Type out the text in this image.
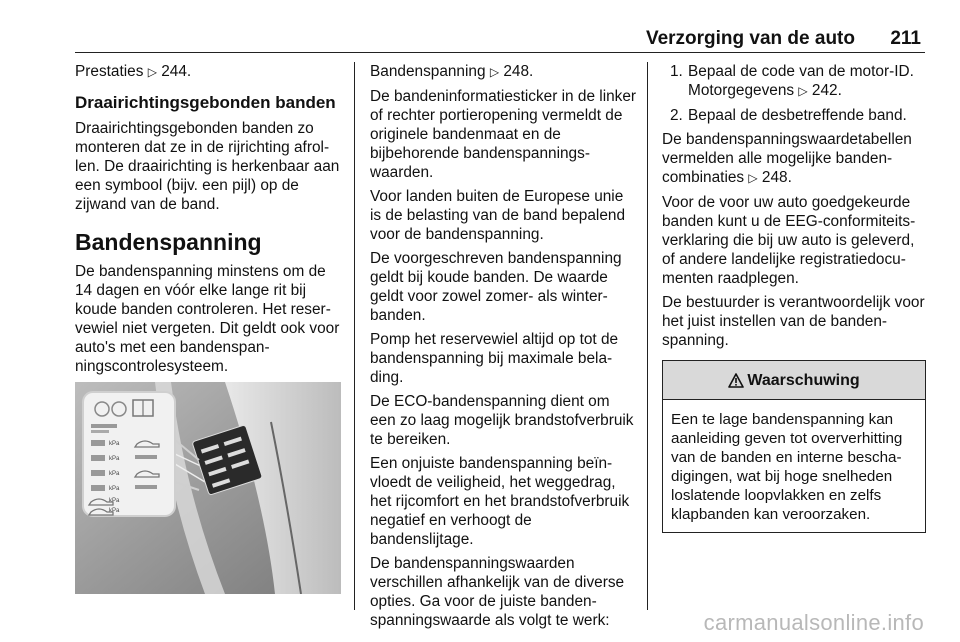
Verzorging van de auto 211

Prestaties ▷ 244.

Draairichtingsgebonden banden

Draairichtingsgebonden banden zo monteren dat ze in de rijrichting afrollen. De draairichting is herkenbaar aan een symbool (bijv. een pijl) op de zijwand van de band.

Bandenspanning

De bandenspanning minstens om de 14 dagen en vóór elke lange rit bij koude banden controleren. Het reservewiel niet vergeten. Dit geldt ook voor auto's met een bandenspanningscontrolesysteem.

kPa
kPa
kPa
kPa
kPa
kPa

Bandenspanning ▷ 248.

De bandeninformatiesticker in de linker of rechter portieropening vermeldt de originele bandenmaat en de bijbehorende bandenspanningswaarden.

Voor landen buiten de Europese unie is de belasting van de band bepalend voor de bandenspanning.

De voorgeschreven bandenspanning geldt bij koude banden. De waarde geldt voor zowel zomer- als winterbanden.

Pomp het reservewiel altijd op tot de bandenspanning bij maximale belading.

De ECO-bandenspanning dient om een zo laag mogelijk brandstofverbruik te bereiken.

Een onjuiste bandenspanning beïnvloedt de veiligheid, het weggedrag, het rijcomfort en het brandstofverbruik negatief en verhoogt de bandenslijtage.

De bandenspanningswaarden verschillen afhankelijk van de diverse opties. Ga voor de juiste bandenspanningswaarde als volgt te werk:

1. Bepaal de code van de motor-ID. Motorgegevens ▷ 242.
2. Bepaal de desbetreffende band.

De bandenspanningswaardetabellen vermelden alle mogelijke bandencombinaties ▷ 248.

Voor de voor uw auto goedgekeurde banden kunt u de EEG-conformiteitsverklaring die bij uw auto is geleverd, of andere landelijke registratiedocumenten raadplegen.

De bestuurder is verantwoordelijk voor het juist instellen van de bandenspanning.

Waarschuwing
Een te lage bandenspanning kan aanleiding geven tot oververhitting van de banden en interne beschadigingen, wat bij hoge snelheden loslatende loopvlakken en zelfs klapbanden kan veroorzaken.
carmanualsonline.info
